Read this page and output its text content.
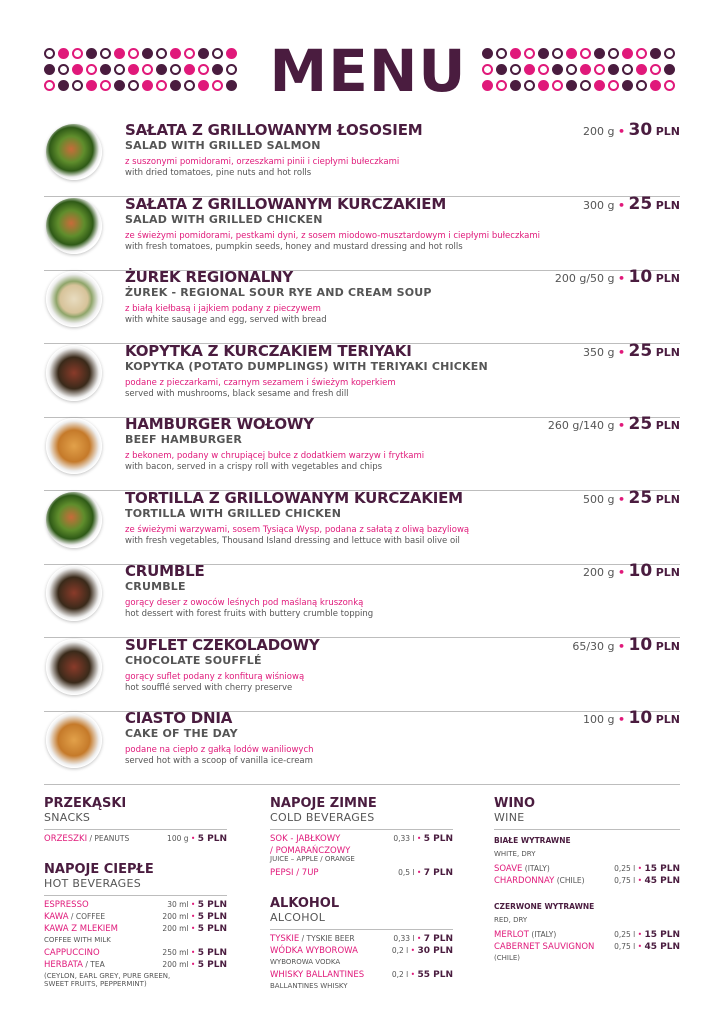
MENU
SAŁATA Z GRILLOWANYM ŁOSOSIEM
SALAD WITH GRILLED SALMON
z suszonymi pomidorami, orzeszkami pinii i ciepłymi bułeczkami
with dried tomatoes, pine nuts and hot rolls
200 g • 30 PLN
SAŁATA Z GRILLOWANYM KURCZAKIEM
SALAD WITH GRILLED CHICKEN
ze świeżymi pomidorami, pestkami dyni, z sosem miodowo-musztardowym i ciepłymi bułeczkami
with fresh tomatoes, pumpkin seeds, honey and mustard dressing and hot rolls
300 g • 25 PLN
ŻUREK REGIONALNY
ŻUREK - REGIONAL SOUR RYE AND CREAM SOUP
z białą kiełbasą i jajkiem podany z pieczywem
with white sausage and egg, served with bread
200 g/50 g • 10 PLN
KOPYTKA Z KURCZAKIEM TERIYAKI
KOPYTKA (POTATO DUMPLINGS) WITH TERIYAKI CHICKEN
podane z pieczarkami, czarnym sezamem i świeżym koperkiem
served with mushrooms, black sesame and fresh dill
350 g • 25 PLN
HAMBURGER WOŁOWY
BEEF HAMBURGER
z bekonem, podany w chrupiącej bułce z dodatkiem warzyw i frytkami
with bacon, served in a crispy roll with vegetables and chips
260 g/140 g • 25 PLN
TORTILLA Z GRILLOWANYM KURCZAKIEM
TORTILLA WITH GRILLED CHICKEN
ze świeżymi warzywami, sosem Tysiąca Wysp, podana z sałatą z oliwą bazyliową
with fresh vegetables, Thousand Island dressing and lettuce with basil olive oil
500 g • 25 PLN
CRUMBLE
CRUMBLE
gorący deser z owoców leśnych pod maślaną kruszonką
hot dessert with forest fruits with buttery crumble topping
200 g • 10 PLN
SUFLET CZEKOLADOWY
CHOCOLATE SOUFFLÉ
gorący suflet podany z konfiturą wiśniową
hot soufflé served with cherry preserve
65/30 g • 10 PLN
CIASTO DNIA
CAKE OF THE DAY
podane na ciepło z gałką lodów waniliowych
served hot with a scoop of vanilla ice-cream
100 g • 10 PLN
PRZEKĄSKI
SNACKS
ORZESZKI / PEANUTS	100 g • 5 PLN
NAPOJE CIEPŁE
HOT BEVERAGES
ESPRESSO	30 ml • 5 PLN
KAWA / COFFEE	200 ml • 5 PLN
KAWA Z MLEKIEM	200 ml • 5 PLN
COFFEE WITH MILK
CAPPUCCINO	250 ml • 5 PLN
HERBATA / TEA	200 ml • 5 PLN
(CEYLON, EARL GREY, PURE GREEN,
SWEET FRUITS, PEPPERMINT)
NAPOJE ZIMNE
COLD BEVERAGES
SOK - JABŁKOWY	0,33 l • 5 PLN
/ POMARAŃCZOWY
JUICE – APPLE / ORANGE
PEPSI / 7UP	0,5 l • 7 PLN
ALKOHOL
ALCOHOL
TYSKIE / TYSKIE BEER	0,33 l • 7 PLN
WÓDKA WYBOROWA	0,2 l • 30 PLN
WYBOROWA VODKA
WHISKY BALLANTINES	0,2 l • 55 PLN
BALLANTINES WHISKY
WINO
WINE
BIAŁE WYTRAWNE
WHITE, DRY
SOAVE (ITALY)	0,25 l • 15 PLN
CHARDONNAY (CHILE)	0,75 l • 45 PLN
CZERWONE WYTRAWNE
RED, DRY
MERLOT (ITALY)	0,25 l • 15 PLN
CABERNET SAUVIGNON	0,75 l • 45 PLN
(CHILE)
